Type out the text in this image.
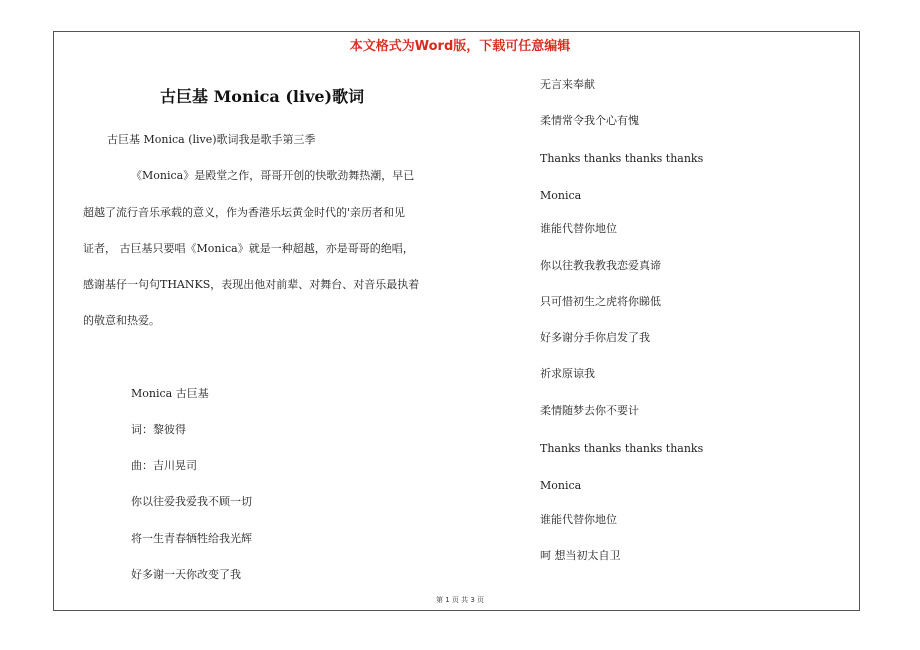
本文格式为Word版，下载可任意编辑
古巨基 Monica (live)歌词
古巨基 Monica (live)歌词我是歌手第三季
《Monica》是殿堂之作，哥哥开创的快歌劲舞热潮，早已
超越了流行音乐承载的意义，作为香港乐坛黄金时代的'亲历者和见
证者， 古巨基只要唱《Monica》就是一种超越，亦是哥哥的绝唱，
感谢基仔一句句THANKS，表现出他对前辈、对舞台、对音乐最执着
的敬意和热爱。
Monica 古巨基
词：黎彼得
曲：吉川晃司
你以往爱我爱我不顾一切
将一生青春牺牲给我光辉
好多谢一天你改变了我
无言来奉献
柔情常令我个心有愧
Thanks thanks thanks thanks
Monica
谁能代替你地位
你以往教我教我恋爱真谛
只可惜初生之虎将你睇低
好多谢分手你启发了我
祈求原谅我
柔情随梦去你不要计
Thanks thanks thanks thanks
Monica
谁能代替你地位
呵 想当初太自卫
第 1 页 共 3 页
